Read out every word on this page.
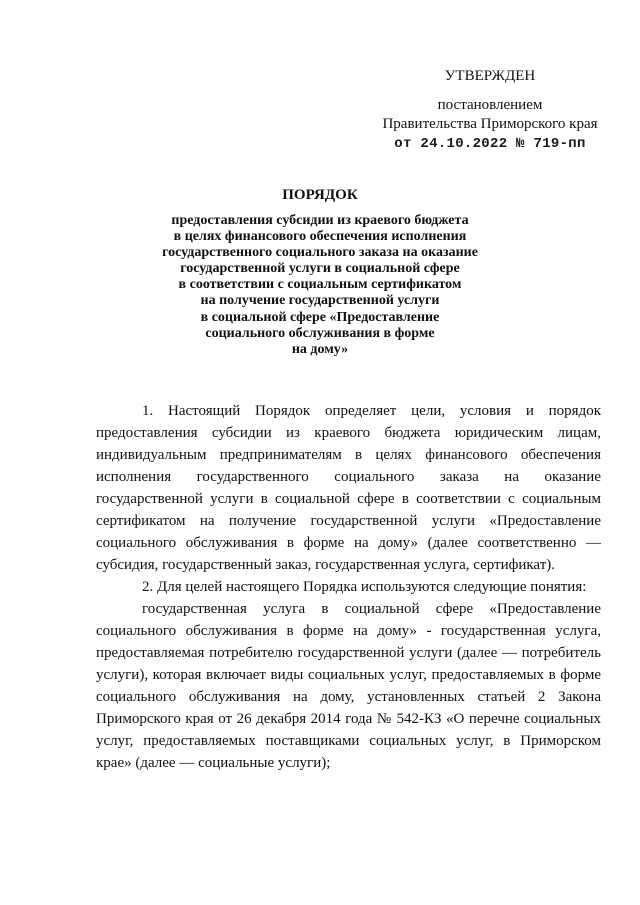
УТВЕРЖДЕН
постановлением
Правительства Приморского края
от 24.10.2022 № 719-пп
ПОРЯДОК
предоставления субсидии из краевого бюджета
в целях финансового обеспечения исполнения
государственного социального заказа на оказание
государственной услуги в социальной сфере
в соответствии с социальным сертификатом
на получение государственной услуги
в социальной сфере «Предоставление
социального обслуживания в форме
на дому»

1. Настоящий Порядок определяет цели, условия и порядок предоставления субсидии из краевого бюджета юридическим лицам, индивидуальным предпринимателям в целях финансового обеспечения исполнения государственного социального заказа на оказание государственной услуги в социальной сфере в соответствии с социальным сертификатом на получение государственной услуги «Предоставление социального обслуживания в форме на дому» (далее соответственно — субсидия, государственный заказ, государственная услуга, сертификат).

2. Для целей настоящего Порядка используются следующие понятия:

государственная услуга в социальной сфере «Предоставление социального обслуживания в форме на дому» - государственная услуга, предоставляемая потребителю государственной услуги (далее — потребитель услуги), которая включает виды социальных услуг, предоставляемых в форме социального обслуживания на дому, установленных статьей 2 Закона Приморского края от 26 декабря 2014 года № 542-КЗ «О перечне социальных услуг, предоставляемых поставщиками социальных услуг, в Приморском крае» (далее — социальные услуги);
